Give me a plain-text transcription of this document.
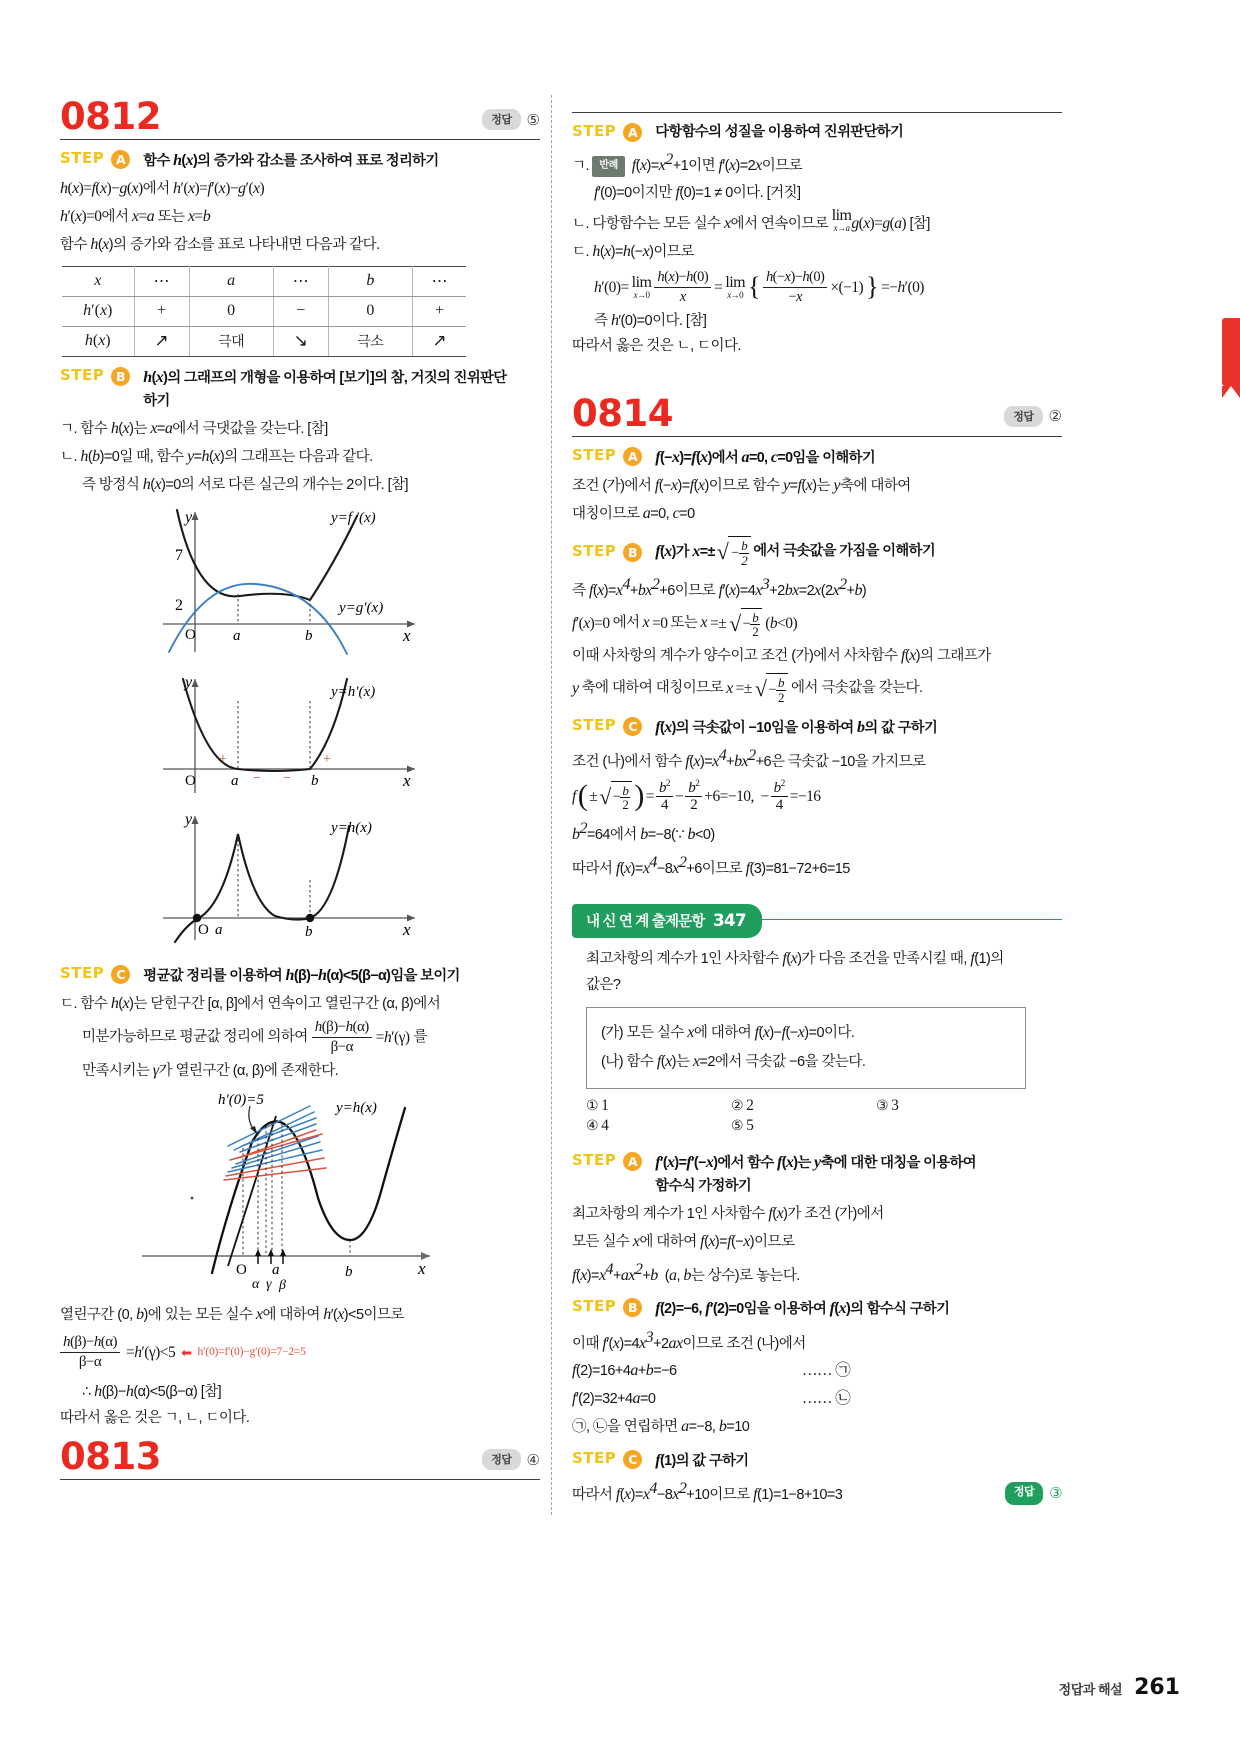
0812	정답	⑤
STEP A	함수 h(x)의 증가와 감소를 조사하여 표로 정리하기
h(x)=f(x)−g(x)에서 h′(x)=f′(x)−g′(x)
h′(x)=0에서 x=a 또는 x=b
함수 h(x)의 증가와 감소를 표로 나타내면 다음과 같다.
x	⋯	a	⋯	b	⋯
h′(x)	+	0	−	0	+
h(x)	↗	극대	↘	극소	↗
STEP B h(x)의 그래프의 개형을 이용하여 [보기]의 참, 거짓의 진위판단
하기
ㄱ. 함수 h(x)는 x=a에서 극댓값을 갖는다. [참]
ㄴ. h(b)=0일 때, 함수 y=h(x)의 그래프는 다음과 같다.
즉 방정식 h(x)=0의 서로 다른 실근의 개수는 2이다. [참]
7
2
O a	b	x
y	y=f ′(x)
y=g′(x)
y
O a	b	x
y=h′(x)
+	+
− −
y
O a	b	x
y=h(x)
STEP C	평균값 정리를 이용하여 h(β)−h(α)<5(β−α)임을 보이기
ㄷ. 함수 h(x)는 닫힌구간 [α, β]에서 연속이고 열린구간 (α, β)에서
미분가능하므로 평균값 정리에 의하여 $\frac{h(\beta)-h(\alpha)}{\beta-\alpha} =h'(\gamma)$ 를
만족시키는 γ가 열린구간 (α, β)에 존재한다.
h′(0)=5	y=h(x)
O a	b	x
α γ β
열린구간 (0, b)에 있는 모든 실수 x에 대하여 h′(x)<5이므로
$\frac{h(\beta)-h(\alpha)}{\beta-\alpha} =h'(\gamma)<5$ ⬅ h′(0)=f′(0)−g′(0)=7−2=5
∴ h(β)−h(α)<5(β−α) [참]
따라서 옳은 것은 ㄱ, ㄴ, ㄷ이다.
0813	정답	④
STEP A	다항함수의 성질을 이용하여 진위판단하기
ㄱ. 반례 $f(x)=x^2+1$이면 f′(x)=2x이므로
f′(0)=0이지만 f(0)=1 ≠ 0이다. [거짓]
ㄴ. 다항함수는 모든 실수 x에서 연속이므로 lim
x→a g(x)=g(a) [참]
ㄷ. h(x)=h(−x)이므로
h′(0)= lim
$x\to 0 \frac{h(x)-h(0)}{x} = \lim$
x→0 { $\frac{h(-x)-h(0)}{-x} \times(-1)$ } =−h′(0)
즉 h′(0)=0이다. [참]
따라서 옳은 것은 ㄴ, ㄷ이다.
0814	정답	②
STEP A f(−x)=f(x)에서 a=0, c=0임을 이해하기
조건 (가)에서 f(−x)=f(x)이므로 함수 y=f(x)는 y축에 대하여
대칭이므로 a=0, c=0
STEP B f(x)가 x=± √ − $\frac{b}{2}$ 에서 극솟값을 가짐을 이해하기
즉 $f(x)=x^4+bx^2+6$이므로 $f'(x)=4x^3+2bx=2x(2x^2+b)$
f′(x)=0 에서 x =0 또는 x =± √ − $\frac{b}{2} (b<0)$
이때 사차항의 계수가 양수이고 조건 (가)에서 사차함수 f(x)의 그래프가
y 축에 대하여 대칭이므로 x =± √ − $\frac{b}{2}$ 에서 극솟값을 갖는다.
STEP C	f(x)의 극솟값이 −10임을 이용하여 b의 값 구하기
조건 (나)에서 함수 $f(x)=x^4+bx^2+6$은 극솟값 −10을 가지므로
f ( ± √ − $\frac{b}{2}$ ) = $\frac{b^2}{4} - \frac{b^2}{2} +6=-10$,  − $\frac{b^2}{4} =-16$
$b^2=64$에서 b=−8(∵ b<0)
따라서 $f(x)=x^4-8x^2+6$이므로 f(3)=81−72+6=15
내 신 연 계 출제문항 347
최고차항의 계수가 1인 사차함수 f(x)가 다음 조건을 만족시킬 때, f(1)의
값은?
(가) 모든 실수 x에 대하여 f(x)−f(−x)=0이다.
(나) 함수 f(x)는 x=2에서 극솟값 −6을 갖는다.
① 1	② 2	③ 3
④ 4	⑤ 5
STEP A f′(x)=f′(−x)에서 함수 f(x)는 y축에 대한 대칭을 이용하여
함수식 가정하기
최고차항의 계수가 1인 사차함수 f(x)가 조건 (가)에서
모든 실수 x에 대하여 f(x)=f(−x)이므로
$f(x)=x^4+ax^2+b$  (a, b는 상수)로 놓는다.
STEP B f(2)=−6, f′(2)=0임을 이용하여 f(x)의 함수식 구하기
이때 $f'(x)=4x^3+2ax$이므로 조건 (나)에서
f(2)=16+4a+b=−6	…… ㉠
f′(2)=32+4a=0	…… ㉡
㉠, ㉡을 연립하면 a=−8, b=10
STEP C	f(1)의 값 구하기
따라서 $f(x)=x^4-8x^2+10$이므로 f(1)=1−8+10=3	정답	③
정답과 해설 261
